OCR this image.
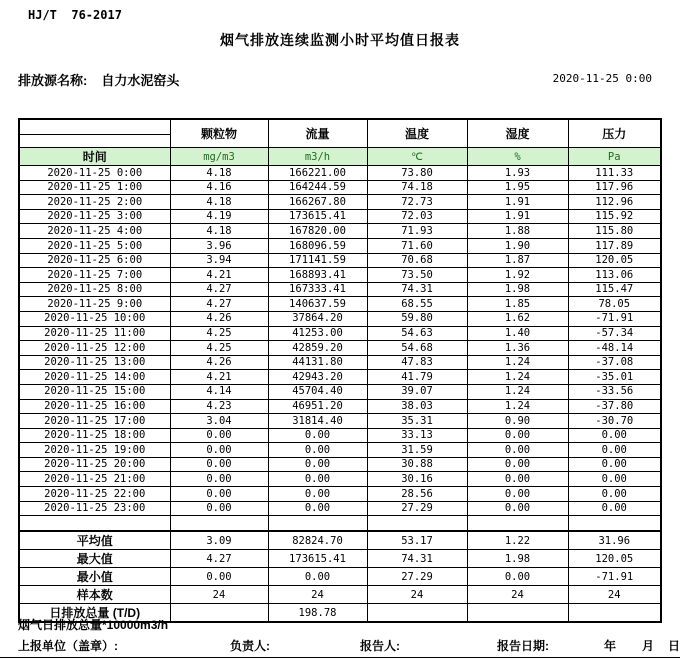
HJ/T  76-2017
烟气排放连续监测小时平均值日报表
排放源名称: 自力水泥窑头	2020-11-25 0:00
	颗粒物	流量	温度	湿度	压力

时间	mg/m3	m3/h	℃	%	Pa
2020-11-25 0:00	4.18	166221.00	73.80	1.93	111.33
2020-11-25 1:00	4.16	164244.59	74.18	1.95	117.96
2020-11-25 2:00	4.18	166267.80	72.73	1.91	112.96
2020-11-25 3:00	4.19	173615.41	72.03	1.91	115.92
2020-11-25 4:00	4.18	167820.00	71.93	1.88	115.80
2020-11-25 5:00	3.96	168096.59	71.60	1.90	117.89
2020-11-25 6:00	3.94	171141.59	70.68	1.87	120.05
2020-11-25 7:00	4.21	168893.41	73.50	1.92	113.06
2020-11-25 8:00	4.27	167333.41	74.31	1.98	115.47
2020-11-25 9:00	4.27	140637.59	68.55	1.85	78.05
2020-11-25 10:00	4.26	37864.20	59.80	1.62	-71.91
2020-11-25 11:00	4.25	41253.00	54.63	1.40	-57.34
2020-11-25 12:00	4.25	42859.20	54.68	1.36	-48.14
2020-11-25 13:00	4.26	44131.80	47.83	1.24	-37.08
2020-11-25 14:00	4.21	42943.20	41.79	1.24	-35.01
2020-11-25 15:00	4.14	45704.40	39.07	1.24	-33.56
2020-11-25 16:00	4.23	46951.20	38.03	1.24	-37.80
2020-11-25 17:00	3.04	31814.40	35.31	0.90	-30.70
2020-11-25 18:00	0.00	0.00	33.13	0.00	0.00
2020-11-25 19:00	0.00	0.00	31.59	0.00	0.00
2020-11-25 20:00	0.00	0.00	30.88	0.00	0.00
2020-11-25 21:00	0.00	0.00	30.16	0.00	0.00
2020-11-25 22:00	0.00	0.00	28.56	0.00	0.00
2020-11-25 23:00	0.00	0.00	27.29	0.00	0.00

平均值	3.09	82824.70	53.17	1.22	31.96
最大值	4.27	173615.41	74.31	1.98	120.05
最小值	0.00	0.00	27.29	0.00	-71.91
样本数	24	24	24	24	24
日排放总量 (T/D)		198.78			
烟气日排放总量*10000m3/h
上报单位（盖章）:	负责人:	报告人:	报告日期:	年 月 日
